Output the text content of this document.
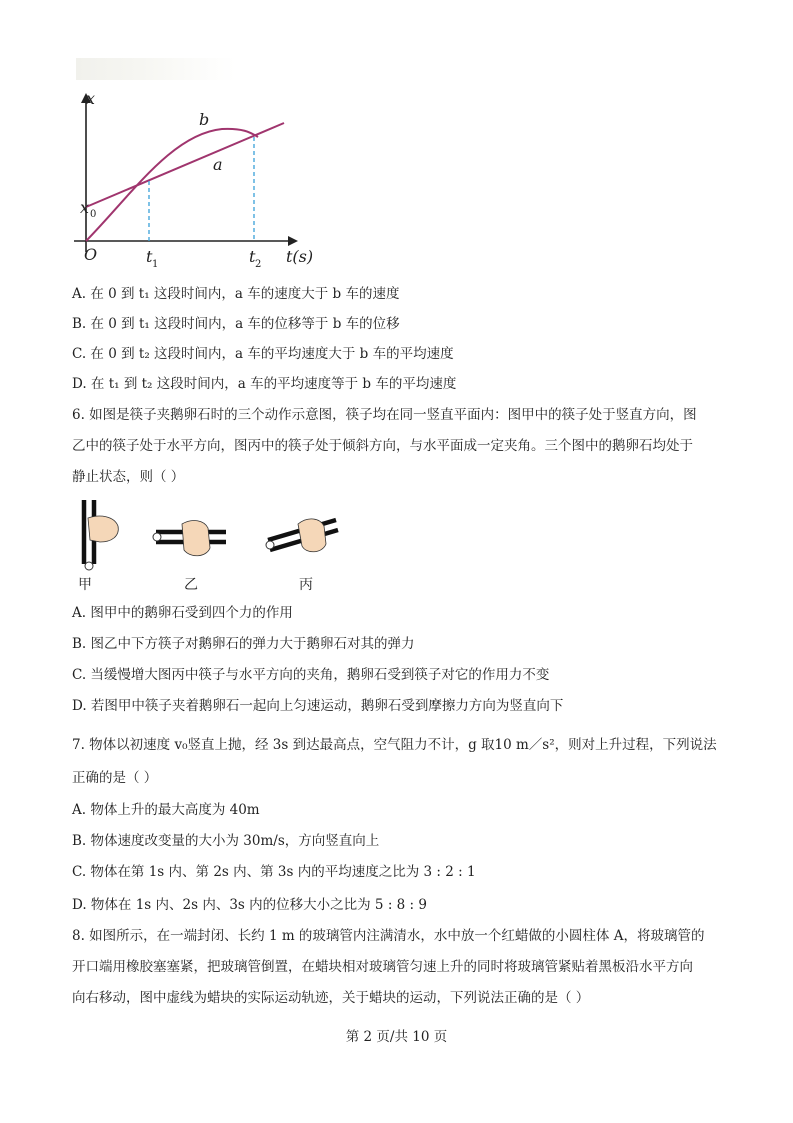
x
t(s)
O
x 0
t 1	t 2
b
a
A. 在 0 到 t₁ 这段时间内，a 车的速度大于 b 车的速度
B. 在 0 到 t₁ 这段时间内，a 车的位移等于 b 车的位移
C. 在 0 到 t₂ 这段时间内，a 车的平均速度大于 b 车的平均速度
D. 在 t₁ 到 t₂ 这段时间内，a 车的平均速度等于 b 车的平均速度
6. 如图是筷子夹鹅卵石时的三个动作示意图，筷子均在同一竖直平面内：图甲中的筷子处于竖直方向，图
乙中的筷子处于水平方向，图丙中的筷子处于倾斜方向，与水平面成一定夹角。三个图中的鹅卵石均处于
静止状态，则（ ）
甲	乙	丙
A. 图甲中的鹅卵石受到四个力的作用
B. 图乙中下方筷子对鹅卵石的弹力大于鹅卵石对其的弹力
C. 当缓慢增大图丙中筷子与水平方向的夹角，鹅卵石受到筷子对它的作用力不变
D. 若图甲中筷子夹着鹅卵石一起向上匀速运动，鹅卵石受到摩擦力方向为竖直向下
7. 物体以初速度 v₀竖直上抛，经 3s 到达最高点，空气阻力不计，g 取10 m／s²，则对上升过程，下列说法
正确的是（ ）
A. 物体上升的最大高度为 40m
B. 物体速度改变量的大小为 30m/s，方向竖直向上
C. 物体在第 1s 内、第 2s 内、第 3s 内的平均速度之比为 3 : 2 : 1
D. 物体在 1s 内、2s 内、3s 内的位移大小之比为 5 : 8 : 9
8. 如图所示，在一端封闭、长约 1 m 的玻璃管内注满清水，水中放一个红蜡做的小圆柱体 A，将玻璃管的
开口端用橡胶塞塞紧，把玻璃管倒置，在蜡块相对玻璃管匀速上升的同时将玻璃管紧贴着黑板沿水平方向
向右移动，图中虚线为蜡块的实际运动轨迹，关于蜡块的运动，下列说法正确的是（ ）
第 2 页/共 10 页
